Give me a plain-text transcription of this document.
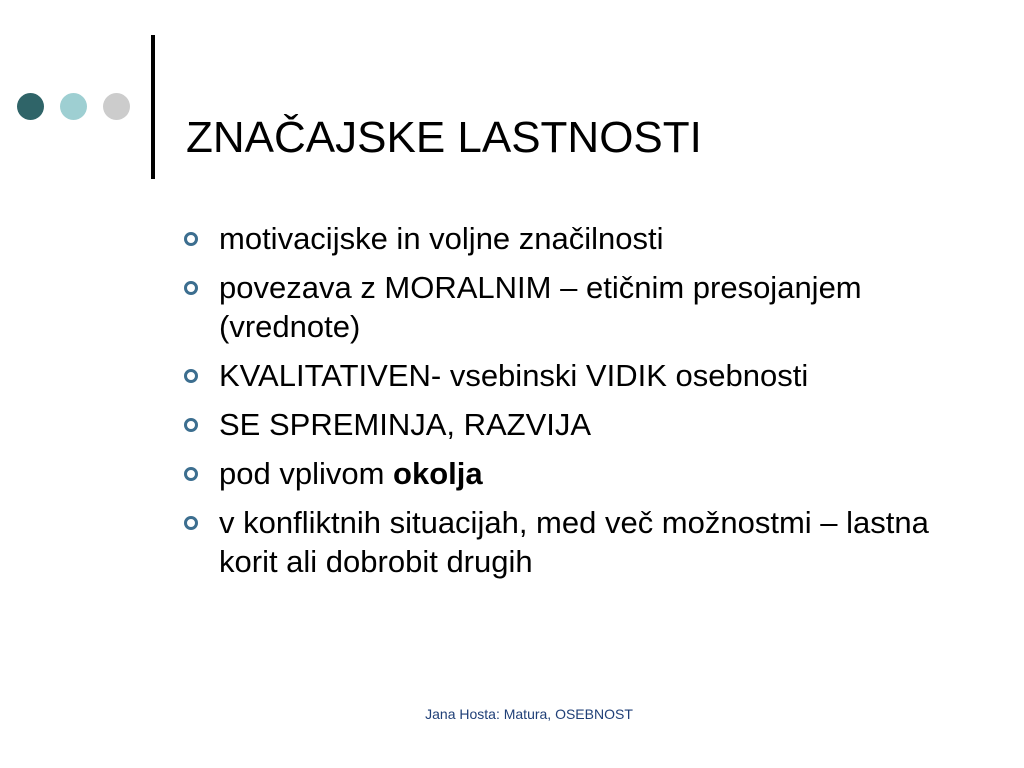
ZNAČAJSKE LASTNOSTI
motivacijske in voljne značilnosti
povezava z MORALNIM – etičnim presojanjem (vrednote)
KVALITATIVEN- vsebinski VIDIK osebnosti
SE SPREMINJA, RAZVIJA
pod vplivom okolja
v konfliktnih situacijah, med več možnostmi – lastna korit ali dobrobit drugih
Jana Hosta: Matura, OSEBNOST
